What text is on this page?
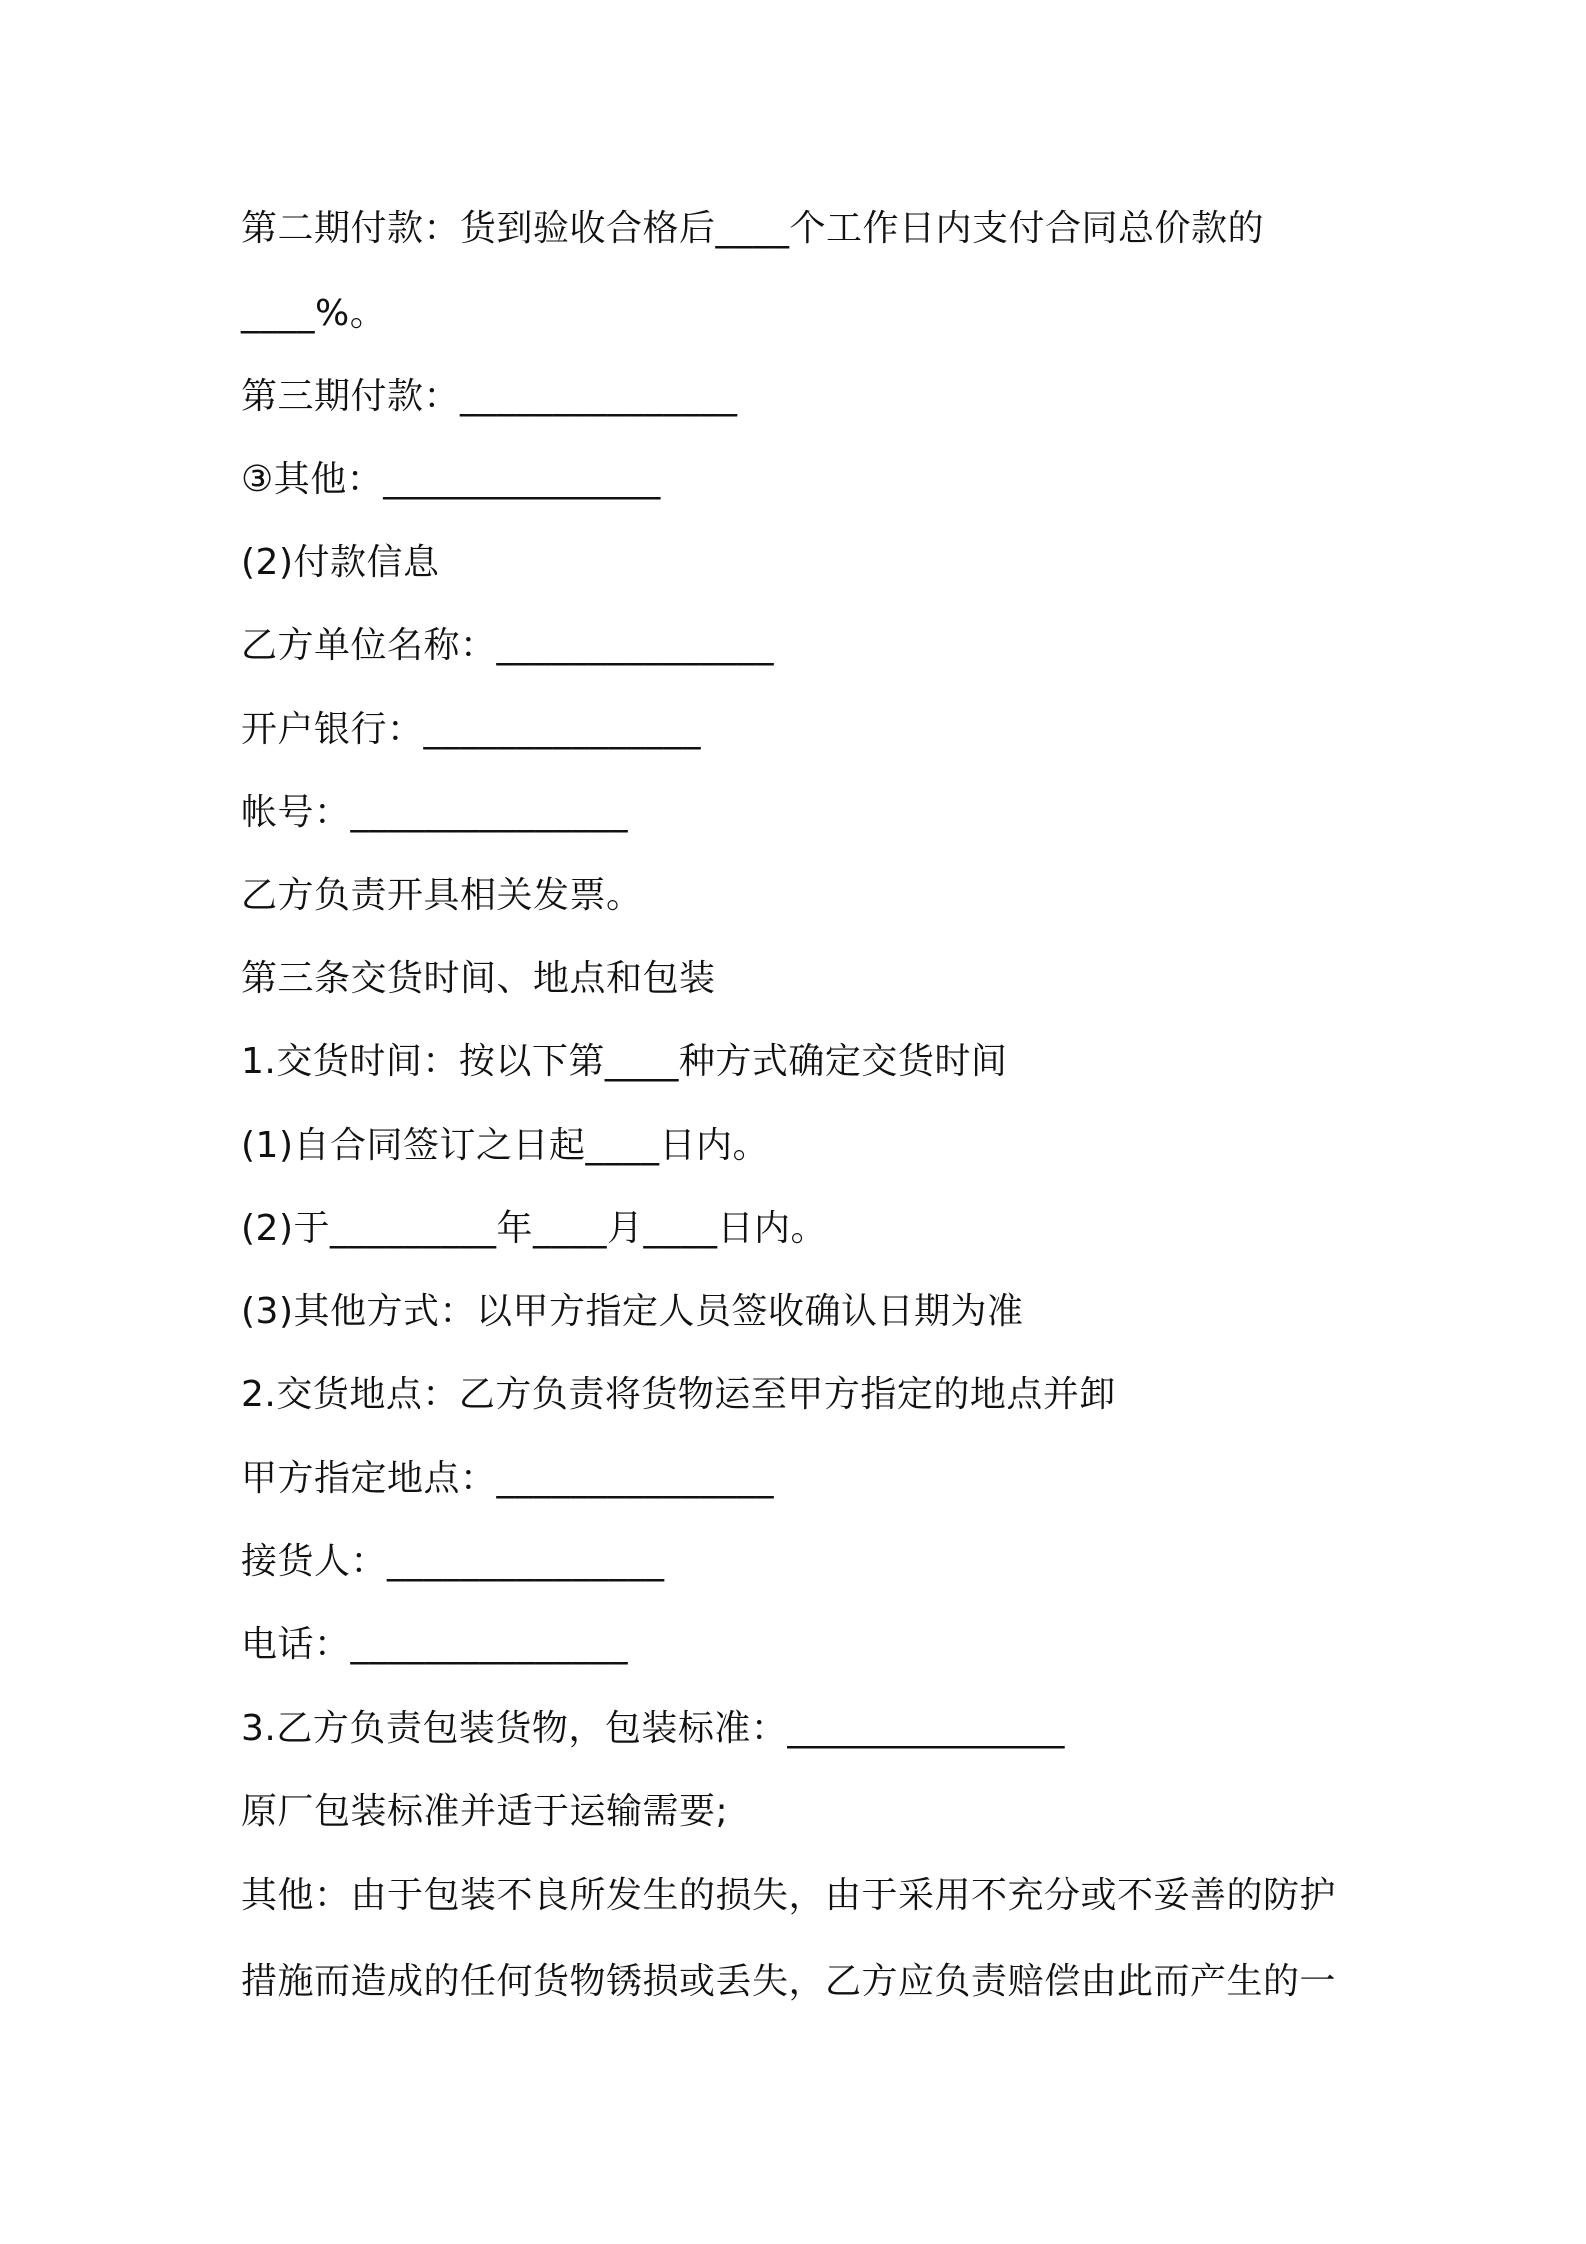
第二期付款：货到验收合格后____个工作日内支付合同总价款的
____%。
第三期付款：_______________
③其他：_______________
(2)付款信息
乙方单位名称：_______________
开户银行：_______________
帐号：_______________
乙方负责开具相关发票。
第三条交货时间、地点和包装
1.交货时间：按以下第____种方式确定交货时间
(1)自合同签订之日起____日内。
(2)于_________年____月____日内。
(3)其他方式：以甲方指定人员签收确认日期为准
2.交货地点：乙方负责将货物运至甲方指定的地点并卸
甲方指定地点：_______________
接货人：_______________
电话：_______________
3.乙方负责包装货物，包装标准：_______________
原厂包装标准并适于运输需要;
其他：由于包装不良所发生的损失，由于采用不充分或不妥善的防护
措施而造成的任何货物锈损或丢失，乙方应负责赔偿由此而产生的一
